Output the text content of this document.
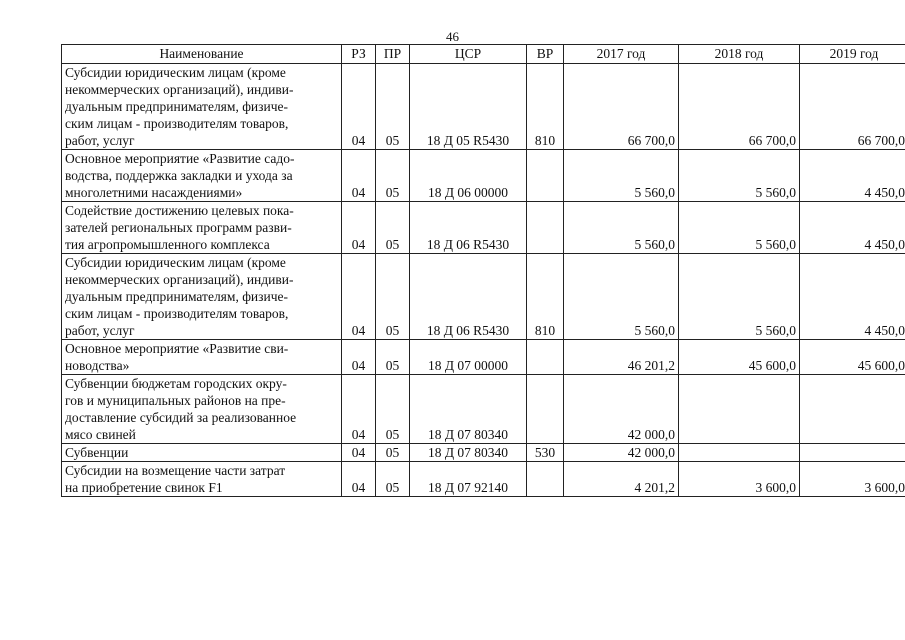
46
Наименование	РЗ	ПР	ЦСР	ВР	2017 год	2018 год	2019 год
Субсидии юридическим лицам (кроме
некоммерческих организаций), индиви-
дуальным предпринимателям, физиче-
ским лицам - производителям товаров,
работ, услуг	04	05	18 Д 05 R5430	810	66 700,0	66 700,0	66 700,0
Основное мероприятие «Развитие садо-
водства, поддержка закладки и ухода за
многолетними насаждениями»	04	05	18 Д 06 00000		5 560,0	5 560,0	4 450,0
Содействие достижению целевых пока-
зателей региональных программ разви-
тия агропромышленного комплекса	04	05	18 Д 06 R5430		5 560,0	5 560,0	4 450,0
Субсидии юридическим лицам (кроме
некоммерческих организаций), индиви-
дуальным предпринимателям, физиче-
ским лицам - производителям товаров,
работ, услуг	04	05	18 Д 06 R5430	810	5 560,0	5 560,0	4 450,0
Основное мероприятие «Развитие сви-
новодства»	04	05	18 Д 07 00000		46 201,2	45 600,0	45 600,0
Субвенции бюджетам городских окру-
гов и муниципальных районов на пре-
доставление субсидий за реализованное
мясо свиней	04	05	18 Д 07 80340		42 000,0		
Субвенции	04	05	18 Д 07 80340	530	42 000,0		
Субсидии на возмещение части затрат
на приобретение свинок F1	04	05	18 Д 07 92140		4 201,2	3 600,0	3 600,0
